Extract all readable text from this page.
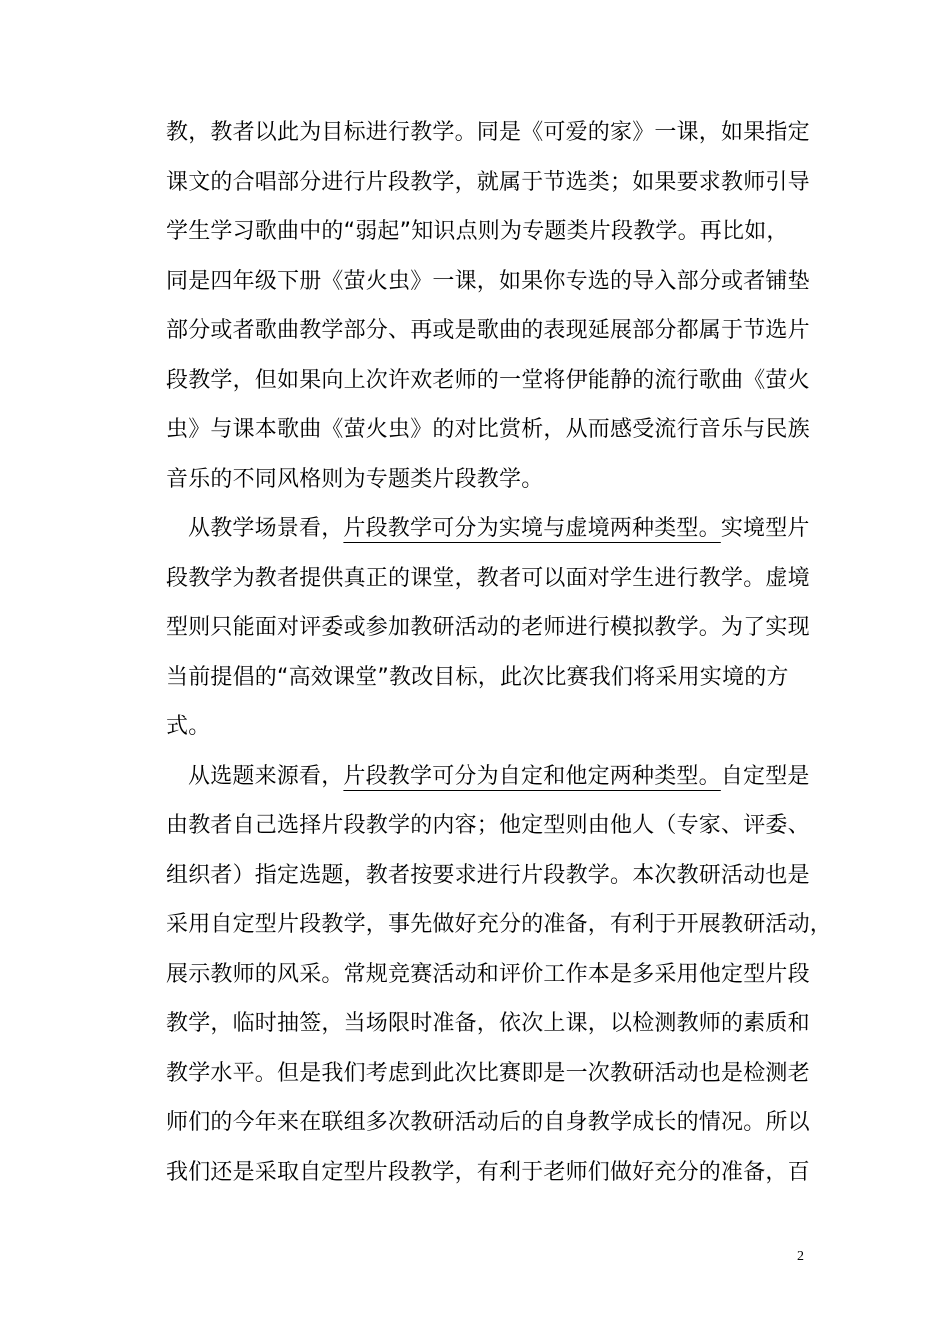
教，教者以此为目标进行教学。同是《可爱的家》一课，如果指定
课文的合唱部分进行片段教学，就属于节选类；如果要求教师引导
学生学习歌曲中的“弱起”知识点则为专题类片段教学。再比如，
同是四年级下册《萤火虫》一课，如果你专选的导入部分或者铺垫
部分或者歌曲教学部分、再或是歌曲的表现延展部分都属于节选片
段教学，但如果向上次许欢老师的一堂将伊能静的流行歌曲《萤火
虫》与课本歌曲《萤火虫》的对比赏析，从而感受流行音乐与民族
音乐的不同风格则为专题类片段教学。
从教学场景看，片段教学可分为实境与虚境两种类型。实境型片
段教学为教者提供真正的课堂，教者可以面对学生进行教学。虚境
型则只能面对评委或参加教研活动的老师进行模拟教学。为了实现
当前提倡的“高效课堂”教改目标，此次比赛我们将采用实境的方
式。
从选题来源看，片段教学可分为自定和他定两种类型。自定型是
由教者自己选择片段教学的内容；他定型则由他人（专家、评委、
组织者）指定选题，教者按要求进行片段教学。本次教研活动也是
采用自定型片段教学，事先做好充分的准备，有利于开展教研活动，
展示教师的风采。常规竞赛活动和评价工作本是多采用他定型片段
教学，临时抽签，当场限时准备，依次上课，以检测教师的素质和
教学水平。但是我们考虑到此次比赛即是一次教研活动也是检测老
师们的今年来在联组多次教研活动后的自身教学成长的情况。所以
我们还是采取自定型片段教学，有利于老师们做好充分的准备，百
2
